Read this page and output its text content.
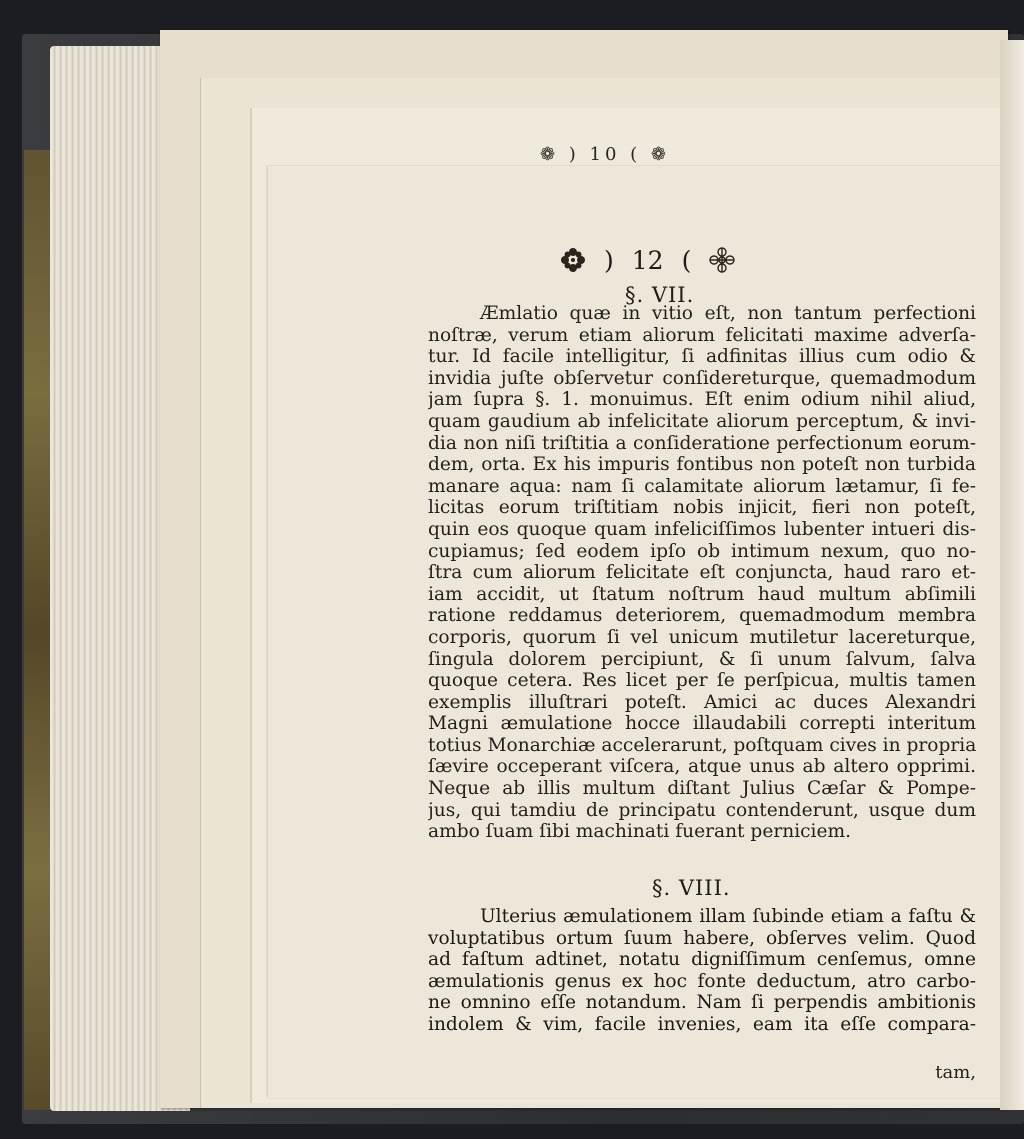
❁ ) 10 ( ❁
) 12 (
§. VII.
Æmlatio quæ in vitio eſt, non tantum perfectioni
noſtræ, verum etiam aliorum felicitati maxime adverſa-
tur. Id facile intelligitur, ſi adfinitas illius cum odio &
invidia juſte obſervetur conſidereturque, quemadmodum
jam ſupra §. 1. monuimus. Eſt enim odium nihil aliud,
quam gaudium ab infelicitate aliorum perceptum, & invi-
dia non niſi triſtitia a conſideratione perfectionum eorum-
dem, orta. Ex his impuris fontibus non poteſt non turbida
manare aqua: nam ſi calamitate aliorum lætamur, ſi fe-
licitas eorum triſtitiam nobis injicit, fieri non poteſt,
quin eos quoque quam infeliciſſimos lubenter intueri dis-
cupiamus; ſed eodem ipſo ob intimum nexum, quo no-
ſtra cum aliorum felicitate eſt conjuncta, haud raro et-
iam accidit, ut ſtatum noſtrum haud multum abſimili
ratione reddamus deteriorem, quemadmodum membra
corporis, quorum ſi vel unicum mutiletur lacereturque,
ſingula dolorem percipiunt, & ſi unum ſalvum, ſalva
quoque cetera. Res licet per ſe perſpicua, multis tamen
exemplis illuſtrari poteſt. Amici ac duces Alexandri
Magni æmulatione hocce illaudabili correpti interitum
totius Monarchiæ accelerarunt, poſtquam cives in propria
ſævire occeperant viſcera, atque unus ab altero opprimi.
Neque ab illis multum diſtant Julius Cæſar & Pompe-
jus, qui tamdiu de principatu contenderunt, usque dum
ambo ſuam ſibi machinati fuerant perniciem.
§. VIII.
Ulterius æmulationem illam ſubinde etiam a faſtu &
voluptatibus ortum ſuum habere, obſerves velim. Quod
ad faſtum adtinet, notatu digniſſimum cenſemus, omne
æmulationis genus ex hoc fonte deductum, atro carbo-
ne omnino eſſe notandum. Nam ſi perpendis ambitionis
indolem & vim, facile invenies, eam ita eſſe compara-
tam,
